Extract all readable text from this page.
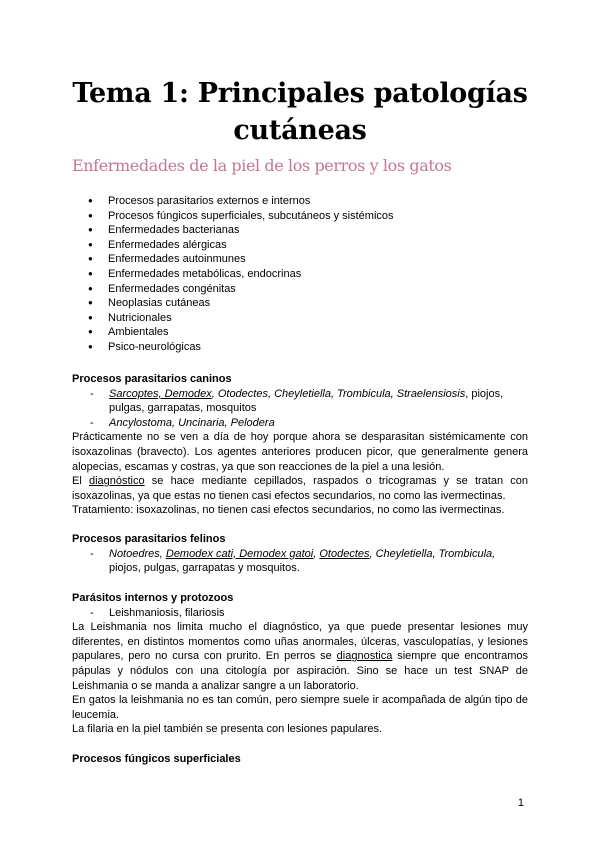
Tema 1: Principales patologías cutáneas
Enfermedades de la piel de los perros y los gatos
● Procesos parasitarios externos e internos
● Procesos fúngicos superficiales, subcutáneos y sistémicos
● Enfermedades bacterianas
● Enfermedades alérgicas
● Enfermedades autoinmunes
● Enfermedades metabólicas, endocrinas
● Enfermedades congénitas
● Neoplasias cutáneas
● Nutricionales
● Ambientales
● Psico-neurológicas
Procesos parasitarios caninos
- Sarcoptes, Demodex, Otodectes, Cheyletiella, Trombicula, Straelensiosis, piojos, pulgas, garrapatas, mosquitos
- Ancylostoma, Uncinaria, Pelodera

Prácticamente no se ven a día de hoy porque ahora se desparasitan sistémicamente con isoxazolinas (bravecto). Los agentes anteriores producen picor, que generalmente genera alopecias, escamas y costras, ya que son reacciones de la piel a una lesión.

El diagnóstico se hace mediante cepillados, raspados o tricogramas y se tratan con isoxazolinas, ya que estas no tienen casi efectos secundarios, no como las ivermectinas.

Tratamiento: isoxazolinas, no tienen casi efectos secundarios, no como las ivermectinas.

Procesos parasitarios felinos
- Notoedres, Demodex cati, Demodex gatoi, Otodectes, Cheyletiella, Trombicula, piojos, pulgas, garrapatas y mosquitos.
Parásitos internos y protozoos
- Leishmaniosis, filariosis

La Leishmania nos limita mucho el diagnóstico, ya que puede presentar lesiones muy diferentes, en distintos momentos como uñas anormales, úlceras, vasculopatías, y lesiones papulares, pero no cursa con prurito. En perros se diagnostica siempre que encontramos pápulas y nódulos con una citología por aspiración. Sino se hace un test SNAP de Leishmania o se manda a analizar sangre a un laboratorio.

En gatos la leishmania no es tan común, pero siempre suele ir acompañada de algún tipo de leucemia.

La filaria en la piel también se presenta con lesiones papulares.

Procesos fúngicos superficiales
1
